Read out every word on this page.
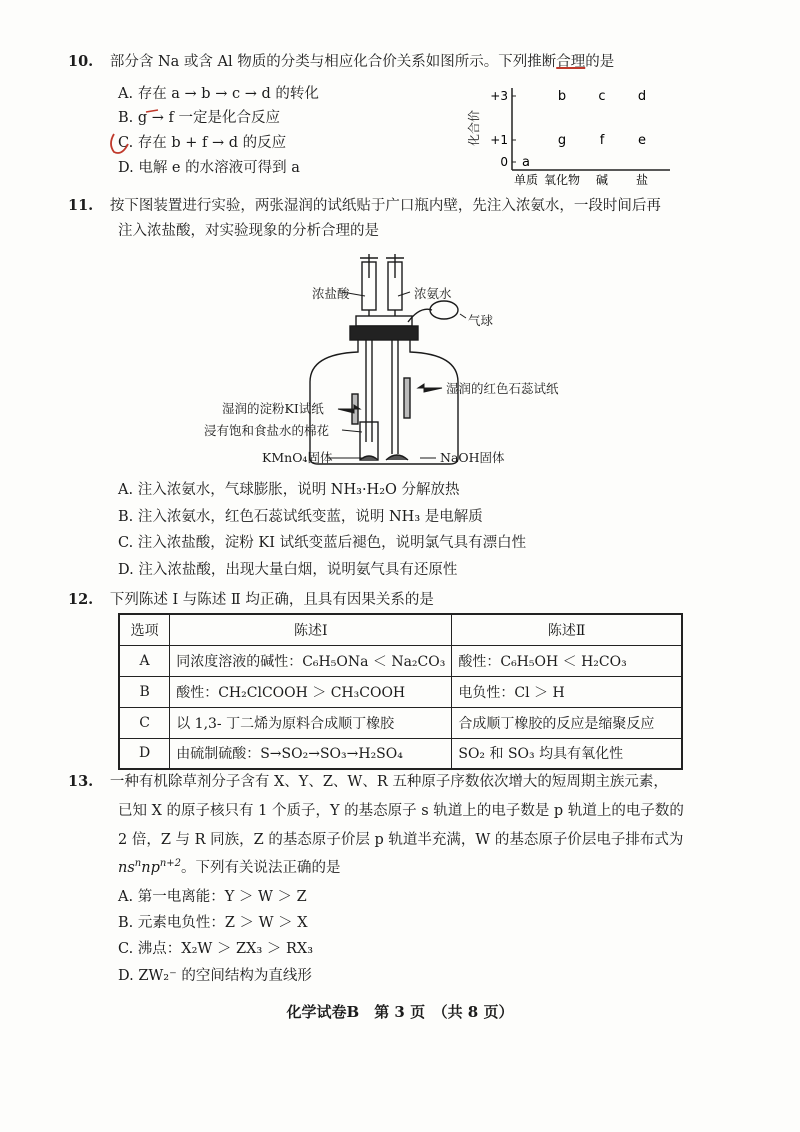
10. 部分含 Na 或含 Al 物质的分类与相应化合价关系如图所示。下列推断合理的是
A. 存在 a → b → c → d 的转化
B. g → f 一定是化合反应
C. 存在 b + f → d 的反应
D. 电解 e 的水溶液可得到 a
化合价
+3
+1
0
单质 氧化物 碱 盐
a
b c d
g	f	e
11. 按下图装置进行实验，两张湿润的试纸贴于广口瓶内壁，先注入浓氨水，一段时间后再
注入浓盐酸，对实验现象的分析合理的是
浓盐酸	浓氨水
气球
湿润的红色石蕊试纸
湿润的淀粉KI试纸
浸有饱和食盐水的棉花
KMnO₄固体	NaOH固体
A. 注入浓氨水，气球膨胀，说明 NH₃·H₂O 分解放热
B. 注入浓氨水，红色石蕊试纸变蓝，说明 NH₃ 是电解质
C. 注入浓盐酸，淀粉 KI 试纸变蓝后褪色，说明氯气具有漂白性
D. 注入浓盐酸，出现大量白烟，说明氨气具有还原性
12. 下列陈述 Ⅰ 与陈述 Ⅱ 均正确，且具有因果关系的是
选项	陈述Ⅰ	陈述Ⅱ
A	同浓度溶液的碱性：C₆H₅ONa ＜ Na₂CO₃	酸性：C₆H₅OH ＜ H₂CO₃
B	酸性：CH₂ClCOOH ＞ CH₃COOH	电负性：Cl ＞ H
C	以 1,3- 丁二烯为原料合成顺丁橡胶	合成顺丁橡胶的反应是缩聚反应
D	由硫制硫酸：S→SO₂→SO₃→H₂SO₄	SO₂ 和 SO₃ 均具有氧化性
13. 一种有机除草剂分子含有 X、Y、Z、W、R 五种原子序数依次增大的短周期主族元素，
已知 X 的原子核只有 1 个质子，Y 的基态原子 s 轨道上的电子数是 p 轨道上的电子数的
2 倍，Z 与 R 同族，Z 的基态原子价层 p 轨道半充满，W 的基态原子价层电子排布式为
$ns^nnp^{n+2}$。下列有关说法正确的是
A. 第一电离能：Y ＞ W ＞ Z
B. 元素电负性：Z ＞ W ＞ X
C. 沸点：X₂W ＞ ZX₃ ＞ RX₃
D. ZW₂⁻ 的空间结构为直线形
化学试卷B　第 3 页　（共 8 页）
